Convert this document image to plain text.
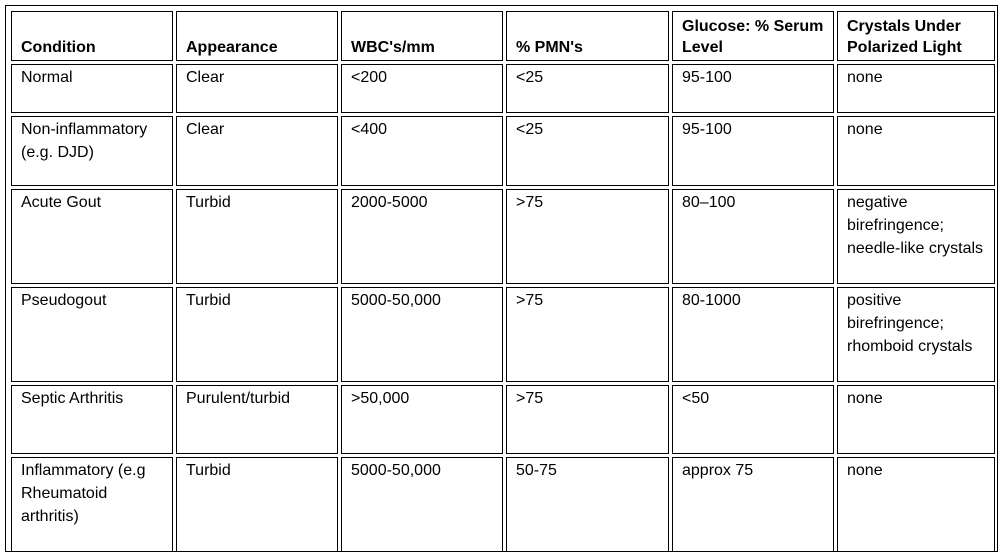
Condition	Appearance	WBC's/mm	% PMN's	Glucose: % Serum Level	Crystals Under Polarized Light
Normal	Clear	<200	<25	95-100	none
Non-inflammatory (e.g. DJD)	Clear	<400	<25	95-100	none
Acute Gout	Turbid	2000-5000	>75	80–100	negative birefringence; needle-like crystals
Pseudogout	Turbid	5000-50,000	>75	80-1000	positive birefringence; rhomboid crystals
Septic Arthritis	Purulent/turbid	>50,000	>75	<50	none
Inflammatory (e.g Rheumatoid arthritis)	Turbid	5000-50,000	50-75	approx 75	none
